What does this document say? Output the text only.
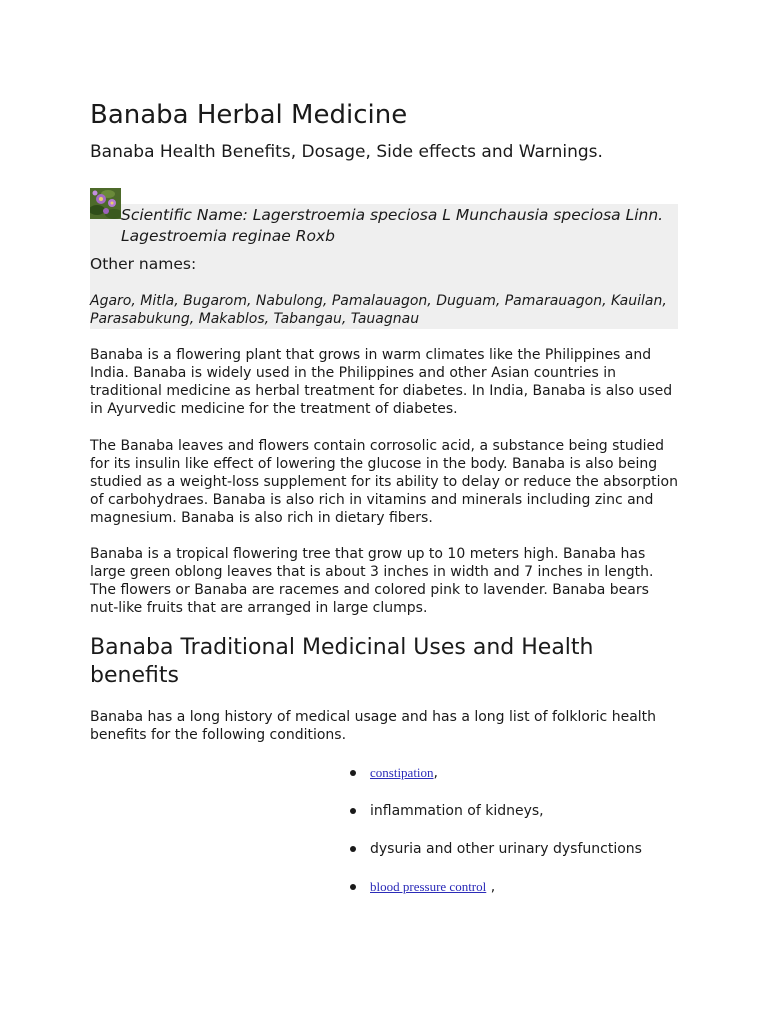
Banaba Herbal Medicine
Banaba Health Benefits, Dosage, Side effects and Warnings.

Scientific Name: Lagerstroemia speciosa L Munchausia speciosa Linn. Lagestroemia reginae Roxb

Other names:

Agaro, Mitla, Bugarom, Nabulong, Pamalauagon, Duguam, Pamarauagon, Kauilan, Parasabukung, Makablos, Tabangau, Tauagnau

Banaba is a flowering plant that grows in warm climates like the Philippines and India. Banaba is widely used in the Philippines and other Asian countries in traditional medicine as herbal treatment for diabetes. In India, Banaba is also used in Ayurvedic medicine for the treatment of diabetes.

The Banaba leaves and flowers contain corrosolic acid, a substance being studied for its insulin like effect of lowering the glucose in the body. Banaba is also being studied as a weight-loss supplement for its ability to delay or reduce the absorption of carbohydraes. Banaba is also rich in vitamins and minerals including zinc and magnesium. Banaba is also rich in dietary fibers.

Banaba is a tropical flowering tree that grow up to 10 meters high. Banaba has large green oblong leaves that is about 3 inches in width and 7 inches in length. The flowers or Banaba are racemes and colored pink to lavender. Banaba bears nut-like fruits that are arranged in large clumps.

Banaba Traditional Medicinal Uses and Health benefits

Banaba has a long history of medical usage and has a long list of folkloric health benefits for the following conditions.

constipation,
inflammation of kidneys,
dysuria and other urinary dysfunctions
blood pressure control ,
